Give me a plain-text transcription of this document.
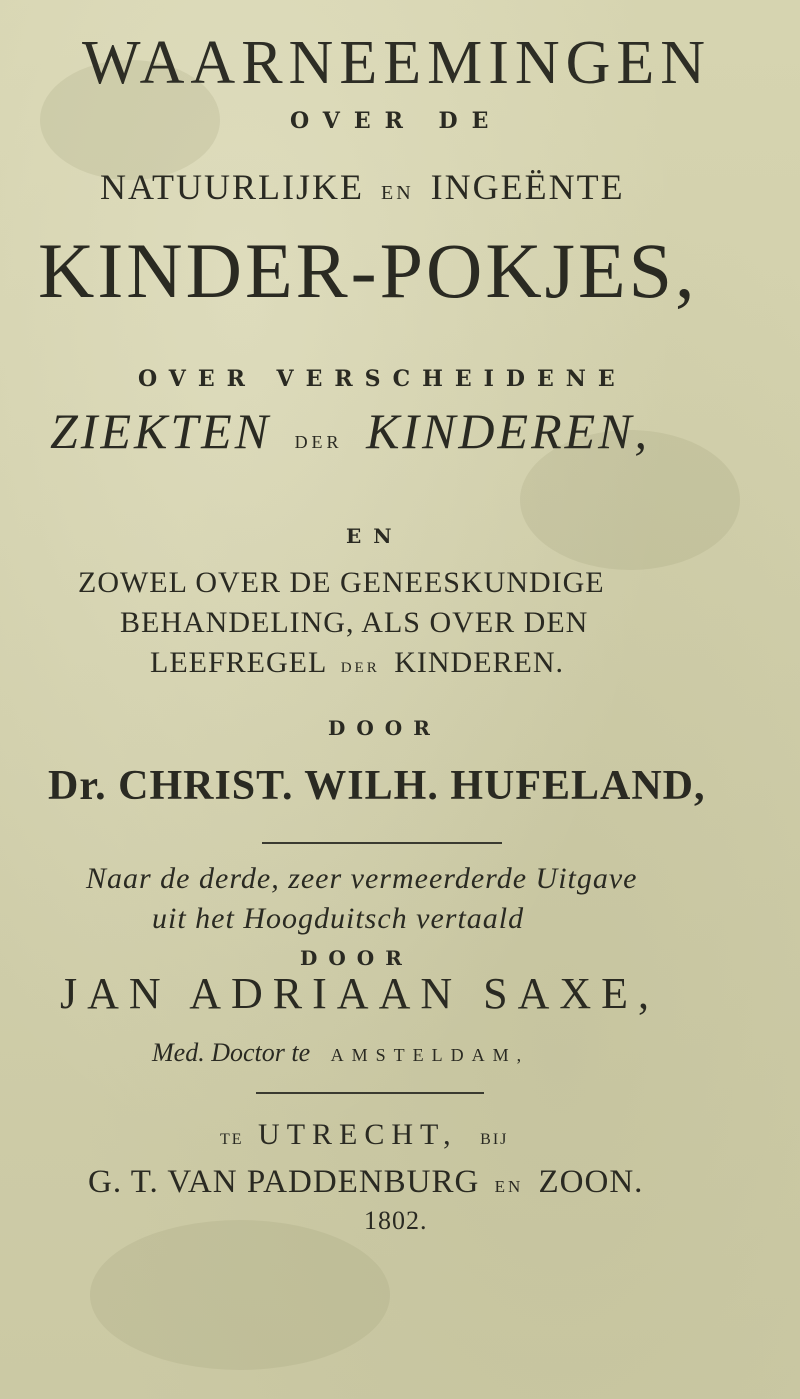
WAARNEEMINGEN
OVER DE
NATUURLIJKE EN INGEËNTE
KINDER-POKJES,
OVER VERSCHEIDENE
ZIEKTEN DER KINDEREN,
EN
ZOWEL OVER DE GENEESKUNDIGE
BEHANDELING, ALS OVER DEN
LEEFREGEL DER KINDEREN.
DOOR
Dr. CHRIST. WILH. HUFELAND,
Naar de derde, zeer vermeerderde Uitgave
uit het Hoogduitsch vertaald
DOOR
JAN ADRIAAN SAXE,
Med. Doctor te AMSTELDAM,
TE UTRECHT, BIJ
G. T. VAN PADDENBURG EN ZOON.
1802.
